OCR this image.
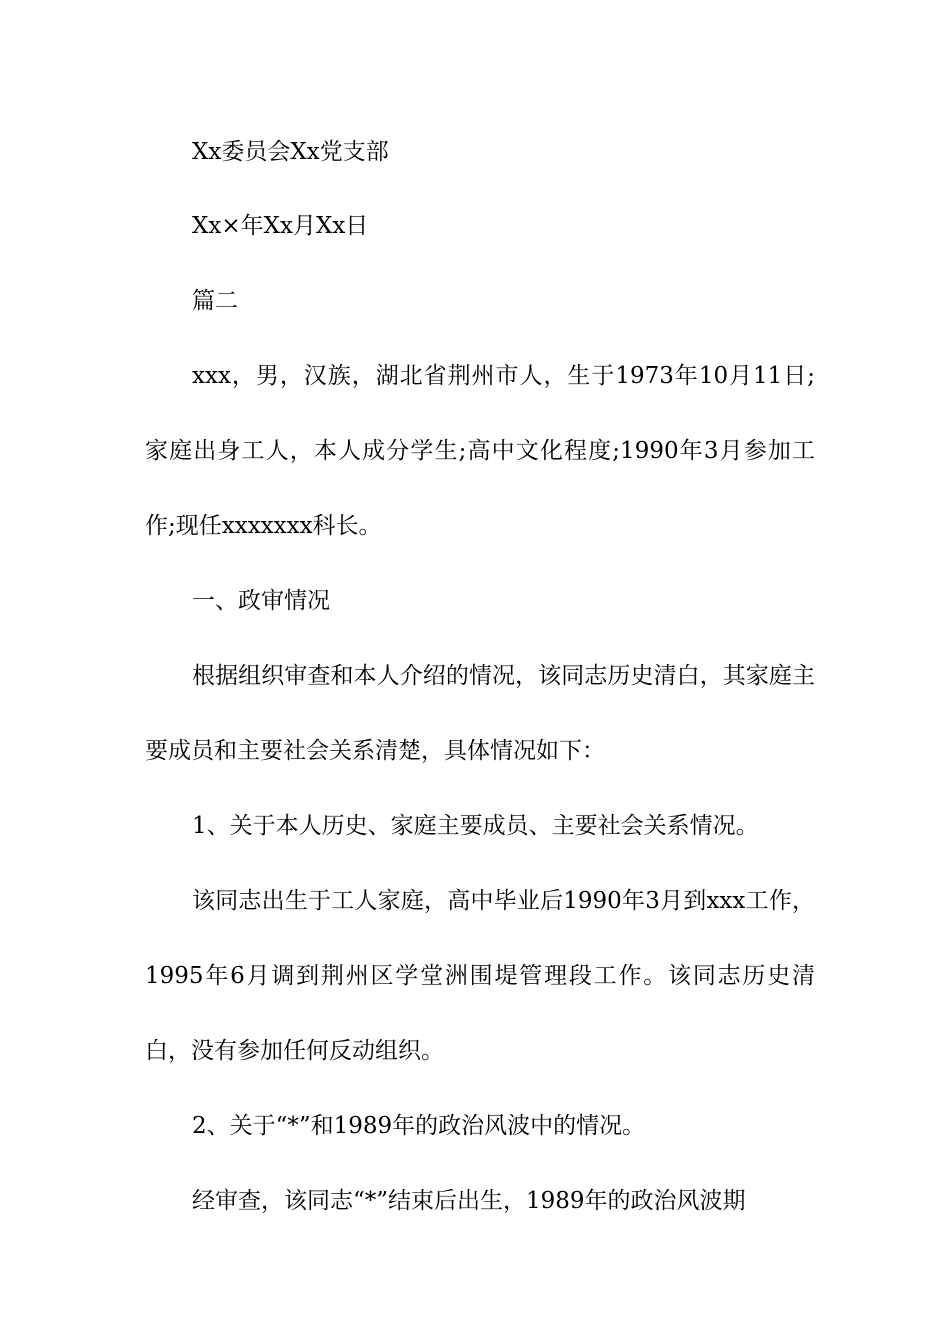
Xx委员会Xx党支部
Xx×年Xx月Xx日
篇二
xxx，男，汉族，湖北省荆州市人，生于1973年10月11日;家庭出身工人，本人成分学生;高中文化程度;1990年3月参加工作;现任xxxxxxx科长。
一、政审情况
根据组织审查和本人介绍的情况，该同志历史清白，其家庭主要成员和主要社会关系清楚，具体情况如下：
1、关于本人历史、家庭主要成员、主要社会关系情况。
该同志出生于工人家庭，高中毕业后1990年3月到xxx工作，1995年6月调到荆州区学堂洲围堤管理段工作。该同志历史清白，没有参加任何反动组织。
2、关于“*”和1989年的政治风波中的情况。
经审查，该同志“*”结束后出生，1989年的政治风波期
